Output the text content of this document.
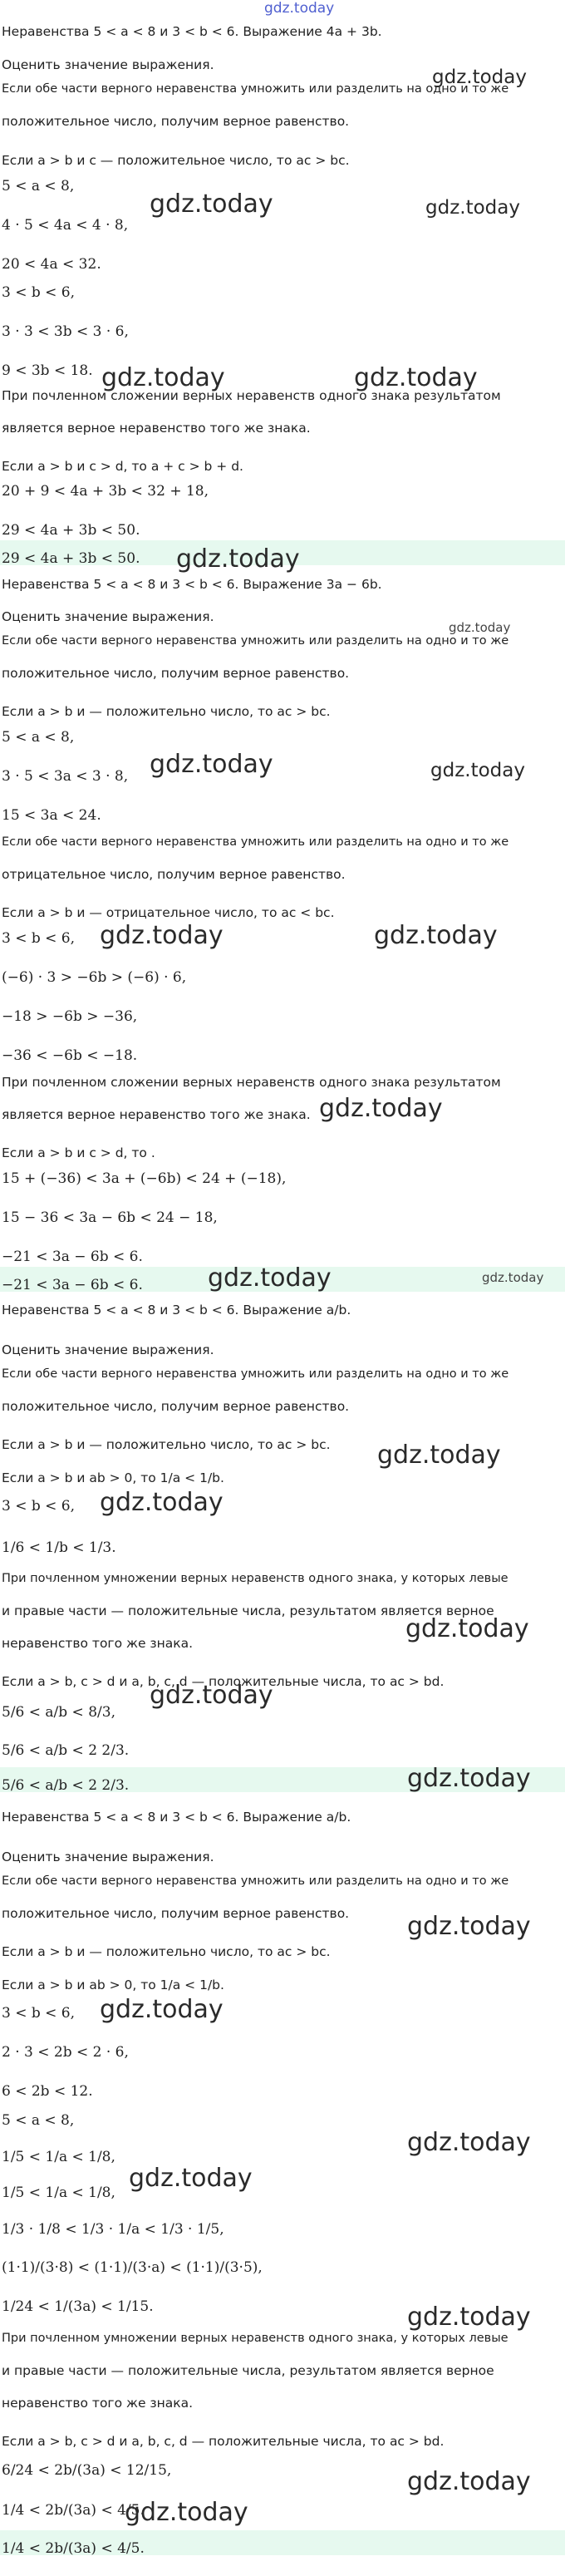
Неравенства 5 < a < 8 и 3 < b < 6. Выражение 4a + 3b.
Оценить значение выражения.
Если обе части верного неравенства умножить или разделить на одно и то же
положительное число, получим верное равенство.
Если a > b и c — положительное число, то ac > bc.
5 < a < 8,
4 · 5 < 4a < 4 · 8,
20 < 4a < 32.
3 < b < 6,
3 · 3 < 3b < 3 · 6,
9 < 3b < 18.
При почленном сложении верных неравенств одного знака результатом
является верное неравенство того же знака.
Если a > b и c > d, то a + c > b + d.
20 + 9 < 4a + 3b < 32 + 18,
29 < 4a + 3b < 50.
29 < 4a + 3b < 50.
Неравенства 5 < a < 8 и 3 < b < 6. Выражение 3a − 6b.
Оценить значение выражения.
Если обе части верного неравенства умножить или разделить на одно и то же
положительное число, получим верное равенство.
Если a > b и — положительно число, то ac > bc.
5 < a < 8,
3 · 5 < 3a < 3 · 8,
15 < 3a < 24.
Если обе части верного неравенства умножить или разделить на одно и то же
отрицательное число, получим верное равенство.
Если a > b и — отрицательное число, то ac < bc.
3 < b < 6,
(−6) · 3 > −6b > (−6) · 6,
−18 > −6b > −36,
−36 < −6b < −18.
При почленном сложении верных неравенств одного знака результатом
является верное неравенство того же знака.
Если a > b и c > d, то .
15 + (−36) < 3a + (−6b) < 24 + (−18),
15 − 36 < 3a − 6b < 24 − 18,
−21 < 3a − 6b < 6.
−21 < 3a − 6b < 6.
Неравенства 5 < a < 8 и 3 < b < 6. Выражение a/b.
Оценить значение выражения.
Если обе части верного неравенства умножить или разделить на одно и то же
положительное число, получим верное равенство.
Если a > b и — положительно число, то ac > bc.
Если a > b и ab > 0, то 1/a < 1/b.
3 < b < 6,
1/6 < 1/b < 1/3.
При почленном умножении верных неравенств одного знака, у которых левые
и правые части — положительные числа, результатом является верное
неравенство того же знака.
Если a > b, c > d и a, b, c, d — положительные числа, то ac > bd.
5/6 < a/b < 8/3,
5/6 < a/b < 2 2/3.
5/6 < a/b < 2 2/3.
Неравенства 5 < a < 8 и 3 < b < 6. Выражение a/b.
Оценить значение выражения.
Если обе части верного неравенства умножить или разделить на одно и то же
положительное число, получим верное равенство.
Если a > b и — положительно число, то ac > bc.
Если a > b и ab > 0, то 1/a < 1/b.
3 < b < 6,
2 · 3 < 2b < 2 · 6,
6 < 2b < 12.
5 < a < 8,
1/5 < 1/a < 1/8,
1/5 < 1/a < 1/8,
1/3 · 1/8 < 1/3 · 1/a < 1/3 · 1/5,
(1·1)/(3·8) < (1·1)/(3·a) < (1·1)/(3·5),
1/24 < 1/(3a) < 1/15.
При почленном умножении верных неравенств одного знака, у которых левые
и правые части — положительные числа, результатом является верное
неравенство того же знака.
Если a > b, c > d и a, b, c, d — положительные числа, то ac > bd.
6/24 < 2b/(3a) < 12/15,
1/4 < 2b/(3a) < 4/5.
1/4 < 2b/(3a) < 4/5.
gdz.today
gdz.today
gdz.today	gdz.today
gdz.today	gdz.today
gdz.today
gdz.today
gdz.today	gdz.today
gdz.today	gdz.today
gdz.today
gdz.today	gdz.today
gdz.today
gdz.today
gdz.today
gdz.today
gdz.today
gdz.today
gdz.today
gdz.today
gdz.today
gdz.today
gdz.today
gdz.today
